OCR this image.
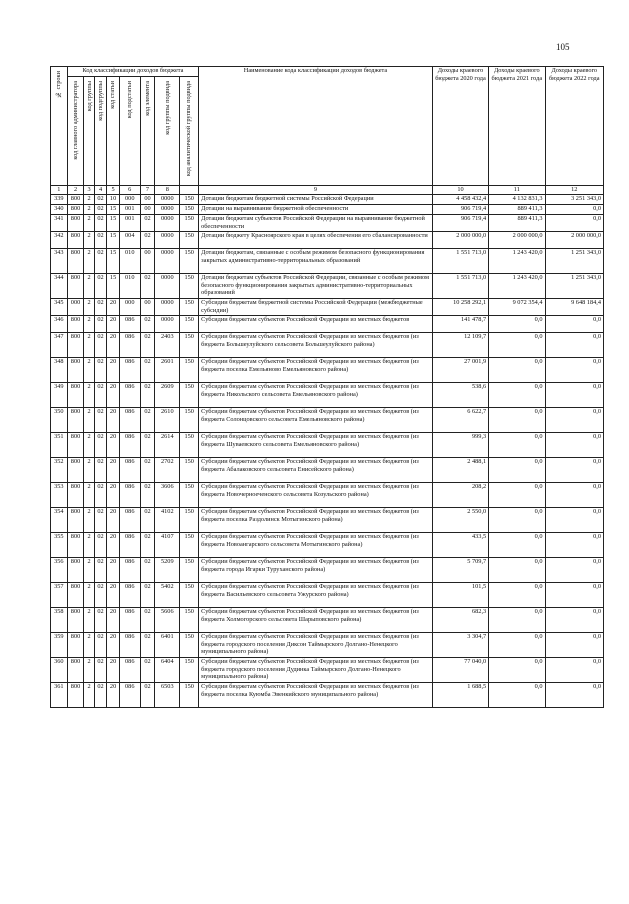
105
№ строки	Код классификации доходов бюджета								Наименование кода классификации доходов бюджета	Доходы краевого бюджета 2020 года	Доходы краевого бюджета 2021 года	Доходы краевого бюджета 2022 года
	код главного администратора	код группы	код подгруппы	код статьи	код подстатьи	код элемента	код группы подвида	код аналитической группы подвида				
1	2	3	4	5	6	7	8		9	10	11	12
339	800	2	02	10	000	00	0000	150	Дотации бюджетам бюджетной системы Российской Федерации	4 458 432,4	4 132 831,3	3 251 343,0
340	800	2	02	15	001	00	0000	150	Дотации на выравнивание бюджетной обеспеченности	906 719,4	889 411,3	0,0
341	800	2	02	15	001	02	0000	150	Дотации бюджетам субъектов Российской Федерации на выравнивание бюджетной обеспеченности	906 719,4	889 411,3	0,0
342	800	2	02	15	004	02	0000	150	Дотации бюджету Красноярского края в целях обеспечения его сбалансированности	2 000 000,0	2 000 000,0	2 000 000,0
343	800	2	02	15	010	00	0000	150	Дотации бюджетам, связанные с особым режимом безопасного функционирования закрытых административно-территориальных образований	1 551 713,0	1 243 420,0	1 251 343,0
344	800	2	02	15	010	02	0000	150	Дотации бюджетам субъектов Российской Федерации, связанные с особым режимом безопасного функционирования закрытых административно-территориальных образований	1 551 713,0	1 243 420,0	1 251 343,0
345	000	2	02	20	000	00	0000	150	Субсидии бюджетам бюджетной системы Российской Федерации (межбюджетные субсидии)	10 258 292,1	9 072 354,4	9 648 184,4
346	800	2	02	20	086	02	0000	150	Субсидии бюджетам субъектов Российской Федерации из местных бюджетов	141 478,7	0,0	0,0
347	800	2	02	20	086	02	2403	150	Субсидии бюджетам субъектов Российской Федерации из местных бюджетов (из бюджета Большеулуйского сельсовета Большеулуйского района)	12 109,7	0,0	0,0
348	800	2	02	20	086	02	2601	150	Субсидии бюджетам субъектов Российской Федерации из местных бюджетов (из бюджета поселка Емельяново Емельяновского района)	27 001,9	0,0	0,0
349	800	2	02	20	086	02	2609	150	Субсидии бюджетам субъектов Российской Федерации из местных бюджетов (из бюджета Никольского сельсовета Емельяновского района)	538,6	0,0	0,0
350	800	2	02	20	086	02	2610	150	Субсидии бюджетам субъектов Российской Федерации из местных бюджетов (из бюджета Солонцовского сельсовета Емельяновского района)	6 622,7	0,0	0,0
351	800	2	02	20	086	02	2614	150	Субсидии бюджетам субъектов Российской Федерации из местных бюджетов (из бюджета Шуваевского сельсовета Емельяновского района)	999,3	0,0	0,0
352	800	2	02	20	086	02	2702	150	Субсидии бюджетам субъектов Российской Федерации из местных бюджетов (из бюджета Абалаковского сельсовета Енисейского района)	2 488,1	0,0	0,0
353	800	2	02	20	086	02	3606	150	Субсидии бюджетам субъектов Российской Федерации из местных бюджетов (из бюджета Новочерноеченского сельсовета Козульского района)	208,2	0,0	0,0
354	800	2	02	20	086	02	4102	150	Субсидии бюджетам субъектов Российской Федерации из местных бюджетов (из бюджета поселка Раздолинск Мотыгинского района)	2 550,0	0,0	0,0
355	800	2	02	20	086	02	4107	150	Субсидии бюджетам субъектов Российской Федерации из местных бюджетов (из бюджета Новоангарского сельсовета Мотыгинского района)	433,5	0,0	0,0
356	800	2	02	20	086	02	5209	150	Субсидии бюджетам субъектов Российской Федерации из местных бюджетов (из бюджета города Игарки Туруханского района)	5 709,7	0,0	0,0
357	800	2	02	20	086	02	5402	150	Субсидии бюджетам субъектов Российской Федерации из местных бюджетов (из бюджета Васильевского сельсовета Ужурского района)	101,5	0,0	0,0
358	800	2	02	20	086	02	5606	150	Субсидии бюджетам субъектов Российской Федерации из местных бюджетов (из бюджета Холмогорского сельсовета Шарыповского района)	682,3	0,0	0,0
359	800	2	02	20	086	02	6401	150	Субсидии бюджетам субъектов Российской Федерации из местных бюджетов (из бюджета городского поселения Диксон Таймырского Долгано-Ненецкого муниципального района)	3 304,7	0,0	0,0
360	800	2	02	20	086	02	6404	150	Субсидии бюджетам субъектов Российской Федерации из местных бюджетов (из бюджета городского поселения Дудинка Таймырского Долгано-Ненецкого муниципального района)	77 040,0	0,0	0,0
361	800	2	02	20	086	02	6503	150	Субсидии бюджетам субъектов Российской Федерации из местных бюджетов (из бюджета поселка Куюмба Эвенкийского муниципального района)	1 688,5	0,0	0,0
